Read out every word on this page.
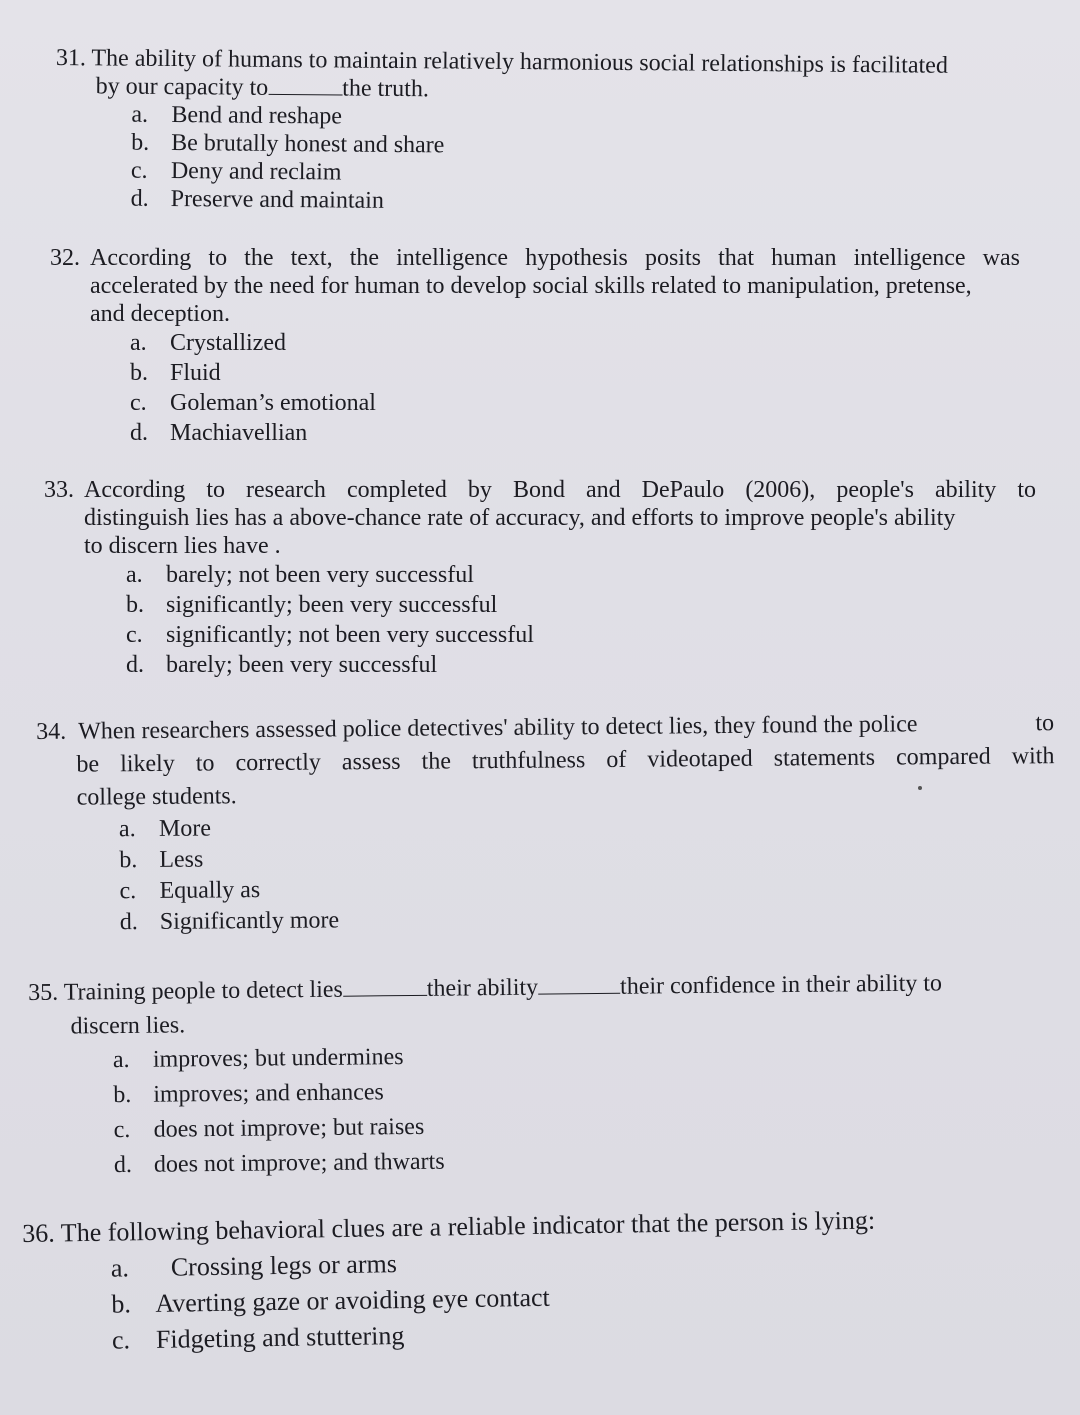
31. The ability of humans to maintain relatively harmonious social relationships is facilitated
by our capacity to	the truth.
a. Bend and reshape
b. Be brutally honest and share
c. Deny and reclaim
d. Preserve and maintain
32. According to the text, the intelligence hypothesis posits that human intelligence was
accelerated by the need for human to develop social skills related to manipulation, pretense,
and deception.
a. Crystallized
b. Fluid
c. Goleman’s emotional
d. Machiavellian
33. According to research completed by Bond and DePaulo (2006), people's ability to
distinguish lies has a above-chance rate of accuracy, and efforts to improve people's ability
to discern lies have .
a. barely; not been very successful
b. significantly; been very successful
c. significantly; not been very successful
d. barely; been very successful
34. When researchers assessed police detectives' ability to detect lies, they found the police	to
be likely to correctly assess the truthfulness of videotaped statements compared with
college students.
a. More
b. Less
c. Equally as
d. Significantly more
35. Training people to detect lies	their ability	their confidence in their ability to
discern lies.
a. improves; but undermines
b. improves; and enhances
c. does not improve; but raises
d. does not improve; and thwarts
36. The following behavioral clues are a reliable indicator that the person is lying:
a.	Crossing legs or arms
b. Averting gaze or avoiding eye contact
c. Fidgeting and stuttering
